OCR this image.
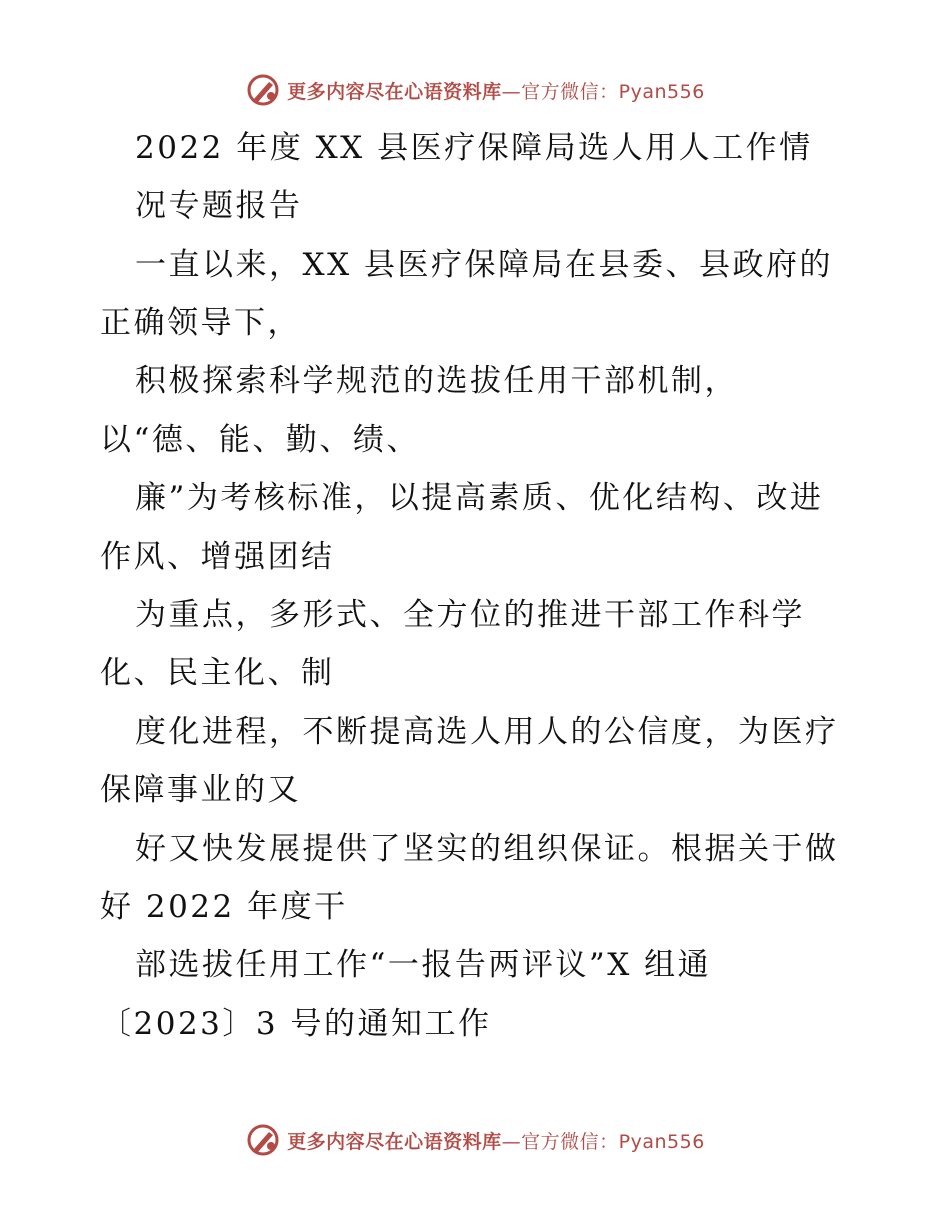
更多内容尽在心语资料库—官方微信：Pyan556
2022 年度 XX 县医疗保障局选人用人工作情
况专题报告
一直以来，XX 县医疗保障局在县委、县政府的
正确领导下，
积极探索科学规范的选拔任用干部机制，
以“德、能、勤、绩、
廉”为考核标准，以提高素质、优化结构、改进
作风、增强团结
为重点，多形式、全方位的推进干部工作科学
化、民主化、制
度化进程，不断提高选人用人的公信度，为医疗
保障事业的又
好又快发展提供了坚实的组织保证。根据关于做
好 2022 年度干
部选拔任用工作“一报告两评议”X 组通
〔2023〕3 号的通知工作
更多内容尽在心语资料库—官方微信：Pyan556
